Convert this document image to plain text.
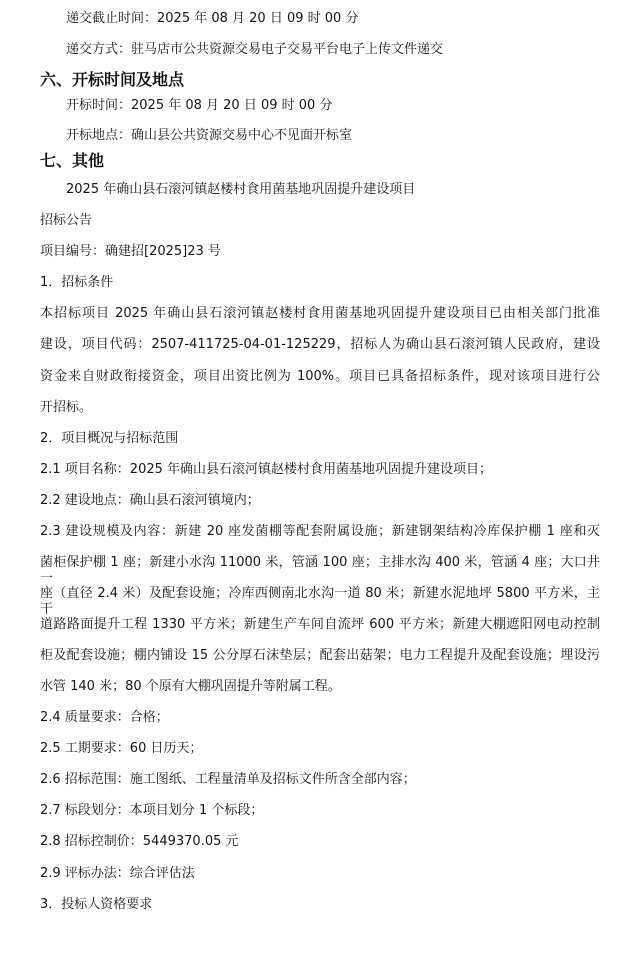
递交截止时间：2025 年 08 月 20 日 09 时 00 分

递交方式：驻马店市公共资源交易电子交易平台电子上传文件递交

六、开标时间及地点

开标时间：2025 年 08 月 20 日 09 时 00 分

开标地点：确山县公共资源交易中心不见面开标室

七、其他

2025 年确山县石滚河镇赵楼村食用菌基地巩固提升建设项目

招标公告

项目编号：确建招[2025]23 号

1．招标条件

本招标项目 2025 年确山县石滚河镇赵楼村食用菌基地巩固提升建设项目已由相关部门批准

建设，项目代码：2507-411725-04-01-125229，招标人为确山县石滚河镇人民政府，建设

资金来自财政衔接资金，项目出资比例为 100%。项目已具备招标条件，现对该项目进行公

开招标。

2．项目概况与招标范围

2.1 项目名称：2025 年确山县石滚河镇赵楼村食用菌基地巩固提升建设项目；

2.2 建设地点：确山县石滚河镇境内；

2.3 建设规模及内容：新建 20 座发菌棚等配套附属设施；新建钢架结构冷库保护棚 1 座和灭

菌柜保护棚 1 座；新建小水沟 11000 米，管涵 100 座；主排水沟 400 米，管涵 4 座；大口井一

座（直径 2.4 米）及配套设施；冷库西侧南北水沟一道 80 米；新建水泥地坪 5800 平方米，主干

道路路面提升工程 1330 平方米；新建生产车间自流坪 600 平方米；新建大棚遮阳网电动控制

柜及配套设施；棚内铺设 15 公分厚石沫垫层；配套出菇架；电力工程提升及配套设施；埋设污

水管 140 米；80 个原有大棚巩固提升等附属工程。

2.4 质量要求：合格；

2.5 工期要求：60 日历天；

2.6 招标范围：施工图纸、工程量清单及招标文件所含全部内容；

2.7 标段划分：本项目划分 1 个标段；

2.8 招标控制价：5449370.05 元

2.9 评标办法：综合评估法

3．投标人资格要求
